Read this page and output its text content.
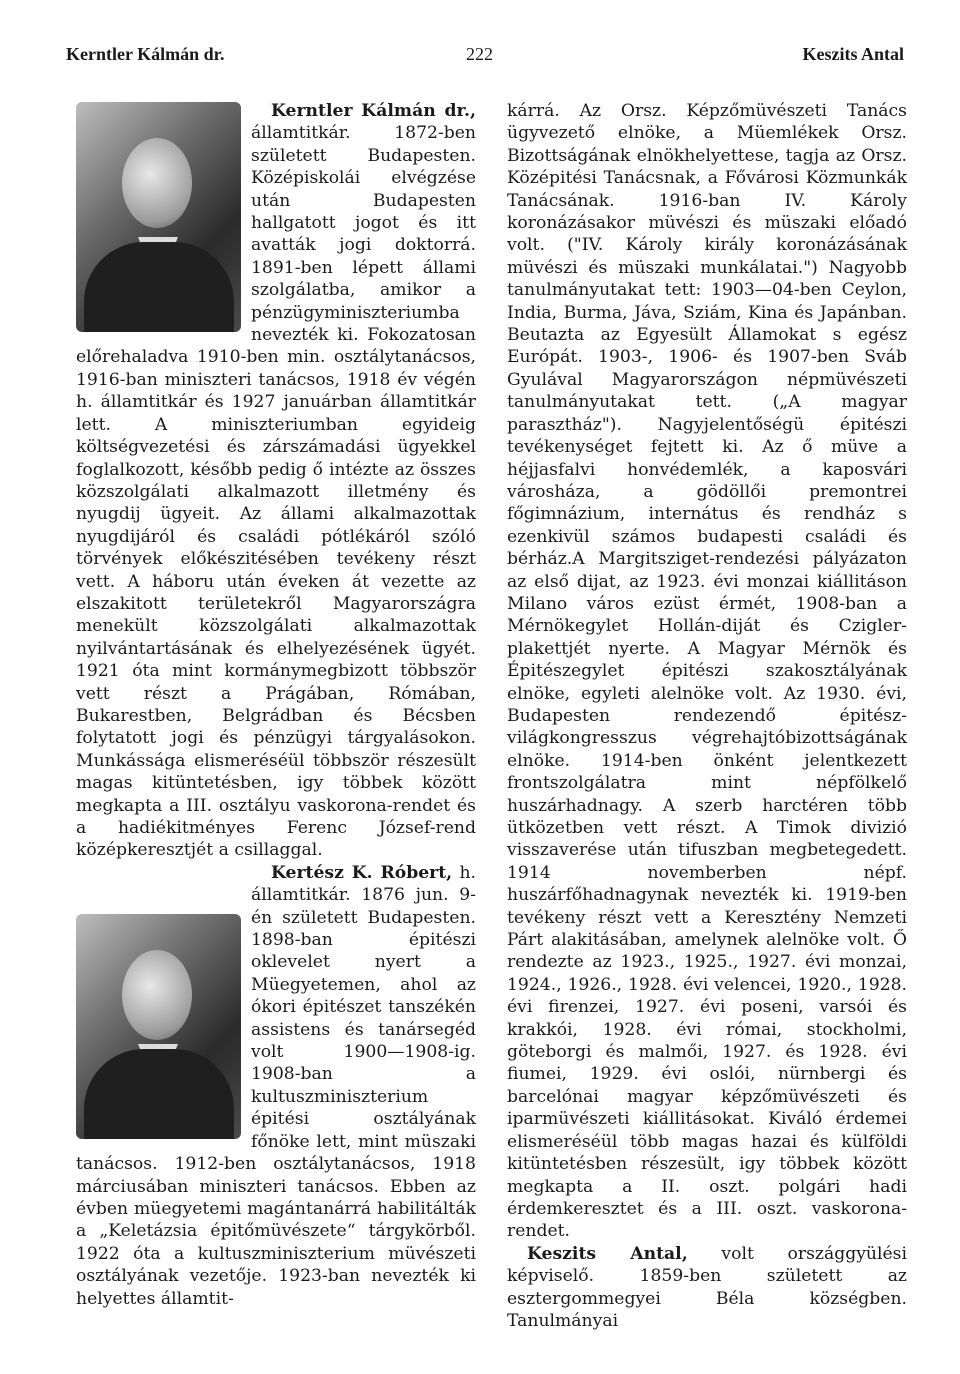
Kerntler Kálmán dr.	222	Keszits Antal

Kerntler Kálmán dr., államtitkár. 1872-ben született Budapesten. Középiskolái elvégzése után Budapesten hallgatott jogot és itt avatták jogi doktorrá. 1891-ben lépett állami szolgálatba, amikor a pénzügyminiszteriumba nevezték ki. Fokozatosan előrehaladva 1910-ben min. osztálytanácsos, 1916-ban miniszteri tanácsos, 1918 év végén h. államtitkár és 1927 januárban államtitkár lett. A miniszteriumban egyideig költségvezetési és zárszámadási ügyekkel foglalkozott, később pedig ő intézte az összes közszolgálati alkalmazott illetmény és nyugdij ügyeit. Az állami alkalmazottak nyugdijáról és családi pótlékáról szóló törvények előkészitésében tevékeny részt vett. A háboru után éveken át vezette az elszakitott területekről Magyarországra menekült közszolgálati alkalmazottak nyilvántartásának és elhelyezésének ügyét. 1921 óta mint kormánymegbizott többször vett részt a Prágában, Rómában, Bukarestben, Belgrádban és Bécsben folytatott jogi és pénzügyi tárgyalásokon. Munkássága elismeréséül többször részesült magas kitüntetésben, igy többek között megkapta a III. osztályu vaskorona-rendet és a hadiékitményes Ferenc József-rend középkeresztjét a csillaggal.

Kertész K. Róbert, h. államtitkár. 1876 jun. 9-én született Budapesten. 1898-ban épitészi oklevelet nyert a Müegyetemen, ahol az ókori épitészet tanszékén assistens és tanársegéd volt 1900—1908-ig. 1908-ban a kultuszminiszterium épitési osztályának főnöke lett, mint müszaki tanácsos. 1912-ben osztálytanácsos, 1918 márciusában miniszteri tanácsos. Ebben az évben müegyetemi magántanárrá habilitálták a „Keletázsia épitőmüvészete“ tárgykörből. 1922 óta a kultuszminiszterium müvészeti osztályának vezetője. 1923-ban nevezték ki helyettes államtit-

kárrá. Az Orsz. Képzőmüvészeti Tanács ügyvezető elnöke, a Müemlékek Orsz. Bizottságának elnökhelyettese, tagja az Orsz. Középitési Tanácsnak, a Fővárosi Közmunkák Tanácsának. 1916-ban IV. Károly koronázásakor müvészi és müszaki előadó volt. ("IV. Károly király koronázásának müvészi és müszaki munkálatai.") Nagyobb tanulmányutakat tett: 1903—04-ben Ceylon, India, Burma, Jáva, Sziám, Kina és Japánban. Beutazta az Egyesült Államokat s egész Európát. 1903-, 1906- és 1907-ben Sváb Gyulával Magyarországon népmüvészeti tanulmányutakat tett. („A magyar parasztház"). Nagyjelentőségü épitészi tevékenységet fejtett ki. Az ő müve a héjjasfalvi honvédemlék, a kaposvári városháza, a gödöllői premontrei főgimnázium, internátus és rendház s ezenkivül számos budapesti családi és bérház.A Margitsziget-rendezési pályázaton az első dijat, az 1923. évi monzai kiállitáson Milano város ezüst érmét, 1908-ban a Mérnökegylet Hollán-diját és Czigler-plakettjét nyerte. A Magyar Mérnök és Épitészegylet épitészi szakosztályának elnöke, egyleti alelnöke volt. Az 1930. évi, Budapesten rendezendő épitész-világkongresszus végrehajtóbizottságának elnöke. 1914-ben önként jelentkezett frontszolgálatra mint népfölkelő huszárhadnagy. A szerb harctéren több ütközetben vett részt. A Timok divizió visszaverése után tifuszban megbetegedett. 1914 novemberben népf. huszárfőhadnagynak nevezték ki. 1919-ben tevékeny részt vett a Keresztény Nemzeti Párt alakitásában, amelynek alelnöke volt. Ő rendezte az 1923., 1925., 1927. évi monzai, 1924., 1926., 1928. évi velencei, 1920., 1928. évi firenzei, 1927. évi poseni, varsói és krakkói, 1928. évi római, stockholmi, göteborgi és malmői, 1927. és 1928. évi fiumei, 1929. évi oslói, nürnbergi és barcelónai magyar képzőmüvészeti és iparmüvészeti kiállitásokat. Kiváló érdemei elismeréséül több magas hazai és külföldi kitüntetésben részesült, igy többek között megkapta a II. oszt. polgári hadi érdemkeresztet és a III. oszt. vaskorona-rendet.

Keszits Antal, volt országgyülési képviselő. 1859-ben született az esztergommegyei Béla községben. Tanulmányai
